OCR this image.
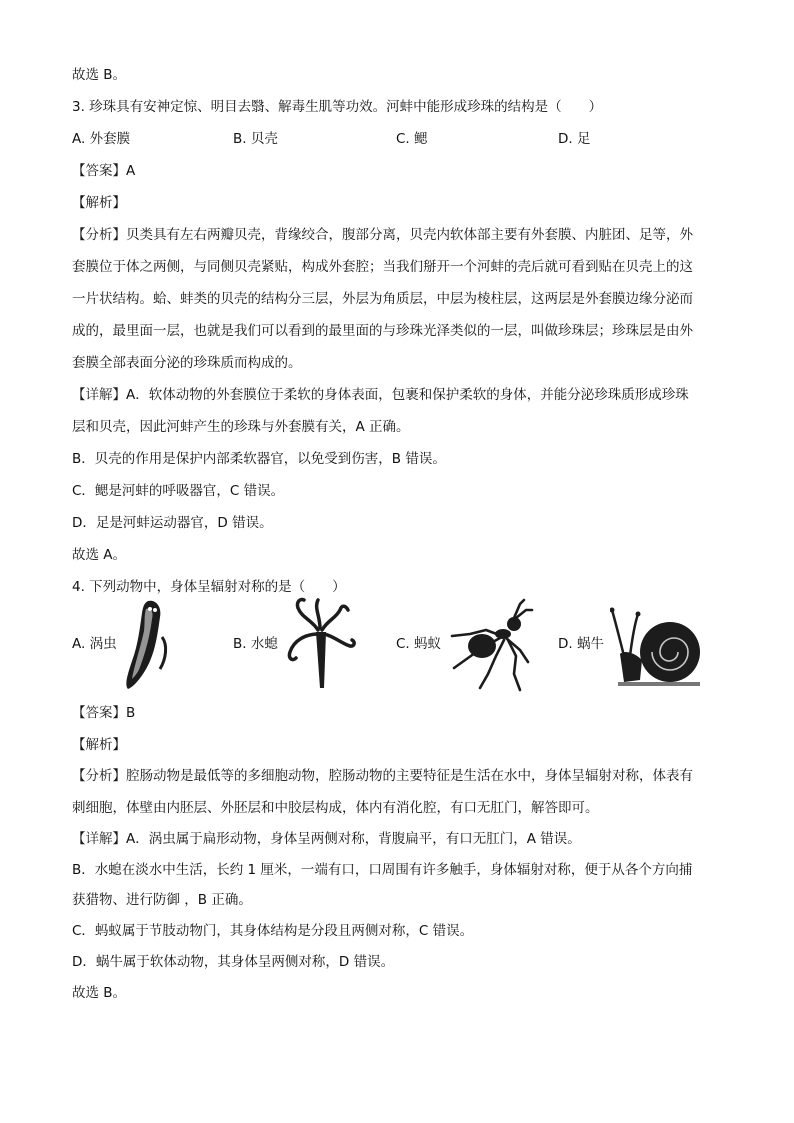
故选 B。
3. 珍珠具有安神定惊、明目去翳、解毒生肌等功效。河蚌中能形成珍珠的结构是（　　）
A. 外套膜	B. 贝壳	C. 鳃	D. 足
【答案】A
【解析】
【分析】贝类具有左右两瓣贝壳，背缘绞合，腹部分离，贝壳内软体部主要有外套膜、内脏团、足等，外
套膜位于体之两侧，与同侧贝壳紧贴，构成外套腔；当我们掰开一个河蚌的壳后就可看到贴在贝壳上的这
一片状结构。蛤、蚌类的贝壳的结构分三层，外层为角质层，中层为棱柱层，这两层是外套膜边缘分泌而
成的，最里面一层，也就是我们可以看到的最里面的与珍珠光泽类似的一层，叫做珍珠层；珍珠层是由外
套膜全部表面分泌的珍珠质而构成的。
【详解】A．软体动物的外套膜位于柔软的身体表面，包裹和保护柔软的身体，并能分泌珍珠质形成珍珠
层和贝壳，因此河蚌产生的珍珠与外套膜有关，A 正确。
B．贝壳的作用是保护内部柔软器官，以免受到伤害，B 错误。
C．鳃是河蚌的呼吸器官，C 错误。
D．足是河蚌运动器官，D 错误。
故选 A。
4. 下列动物中，身体呈辐射对称的是（　　）
A. 涡虫	B. 水螅	C. 蚂蚁	D. 蜗牛
【答案】B
【解析】
【分析】腔肠动物是最低等的多细胞动物，腔肠动物的主要特征是生活在水中，身体呈辐射对称，体表有
刺细胞，体壁由内胚层、外胚层和中胶层构成，体内有消化腔，有口无肛门，解答即可。
【详解】A．涡虫属于扁形动物，身体呈两侧对称，背腹扁平，有口无肛门，A 错误。
B．水螅在淡水中生活，长约 1 厘米，一端有口，口周围有许多触手，身体辐射对称，便于从各个方向捕
获猎物、进行防御 ，B 正确。
C．蚂蚁属于节肢动物门，其身体结构是分段且两侧对称，C 错误。
D．蜗牛属于软体动物，其身体呈两侧对称，D 错误。
故选 B。
